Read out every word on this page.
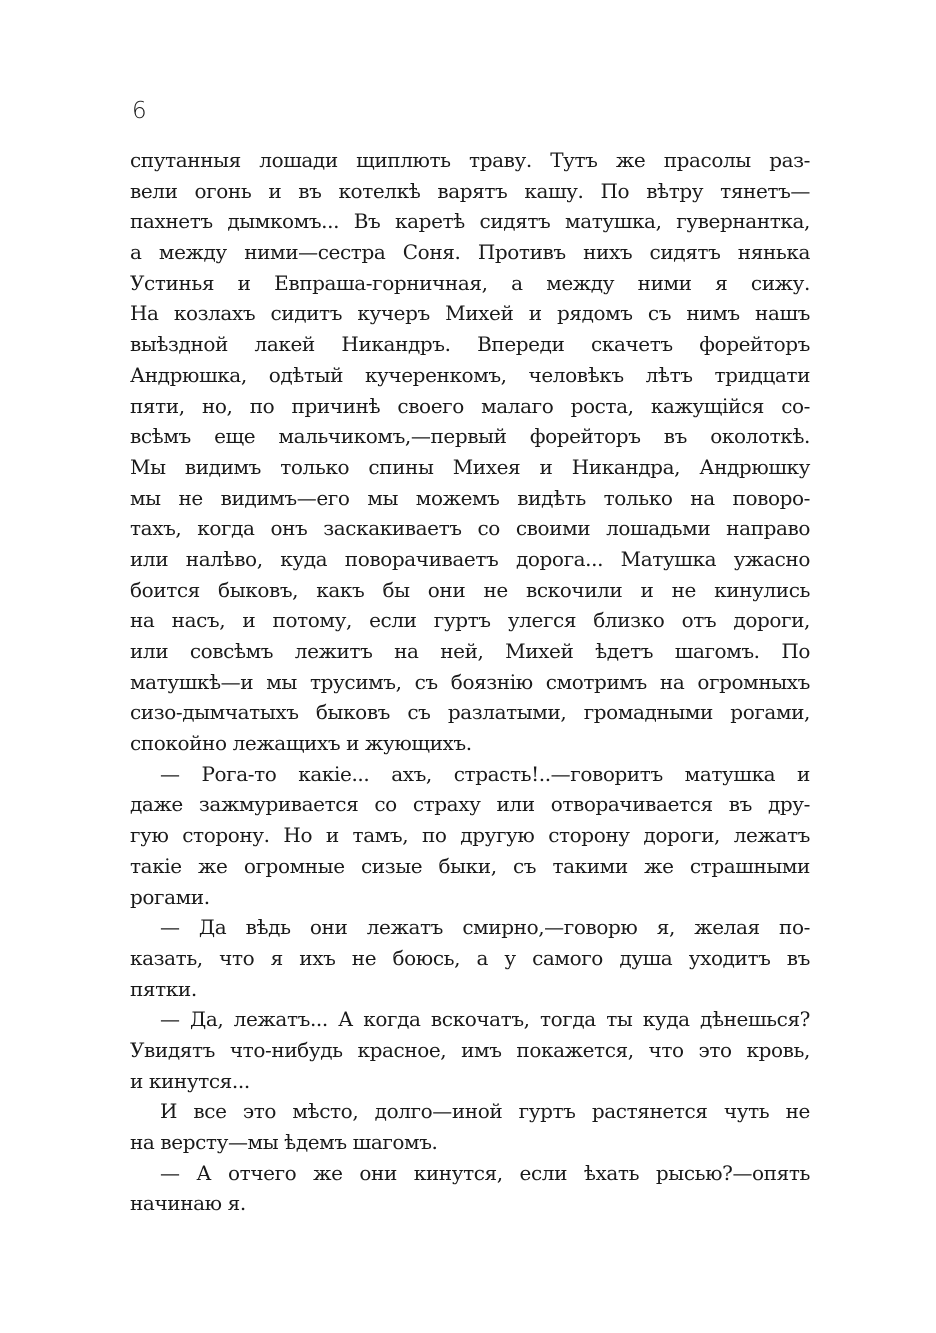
6
спутанныя лошади щиплють траву. Тутъ же прасолы раз-
вели огонь и въ котелкѣ варятъ кашу. По вѣтру тянетъ—
пахнетъ дымкомъ... Въ каретѣ сидятъ матушка, гувернантка,
а между ними—сестра Соня. Противъ нихъ сидятъ нянька
Устинья и Евпраша-горничная, а между ними я сижу.
На козлахъ сидитъ кучеръ Михей и рядомъ съ нимъ нашъ
выѣздной лакей Никандръ. Впереди скачетъ форейторъ
Андрюшка, одѣтый кучеренкомъ, человѣкъ лѣтъ тридцати
пяти, но, по причинѣ своего малаго роста, кажущійся со-
всѣмъ еще мальчикомъ,—первый форейторъ въ околоткѣ.
Мы видимъ только спины Михея и Никандра, Андрюшку
мы не видимъ—его мы можемъ видѣть только на поворо-
тахъ, когда онъ заскакиваетъ со своими лошадьми направо
или налѣво, куда поворачиваетъ дорога... Матушка ужасно
боится быковъ, какъ бы они не вскочили и не кинулись
на насъ, и потому, если гуртъ улегся близко отъ дороги,
или совсѣмъ лежитъ на ней, Михей ѣдетъ шагомъ. По
матушкѣ—и мы трусимъ, съ боязнію смотримъ на огромныхъ
сизо-дымчатыхъ быковъ съ разлатыми, громадными рогами,
спокойно лежащихъ и жующихъ.
— Рога-то какіе... ахъ, страсть!..—говоритъ матушка и
даже зажмуривается со страху или отворачивается въ дру-
гую сторону. Но и тамъ, по другую сторону дороги, лежатъ
такіе же огромные сизые быки, съ такими же страшными
рогами.
— Да вѣдь они лежатъ смирно,—говорю я, желая по-
казать, что я ихъ не боюсь, а у самого душа уходитъ въ
пятки.
— Да, лежатъ... А когда вскочатъ, тогда ты куда дѣнешься?
Увидятъ что-нибудь красное, имъ покажется, что это кровь,
и кинутся...
И все это мѣсто, долго—иной гуртъ растянется чуть не
на версту—мы ѣдемъ шагомъ.
— А отчего же они кинутся, если ѣхать рысью?—опять
начинаю я.
